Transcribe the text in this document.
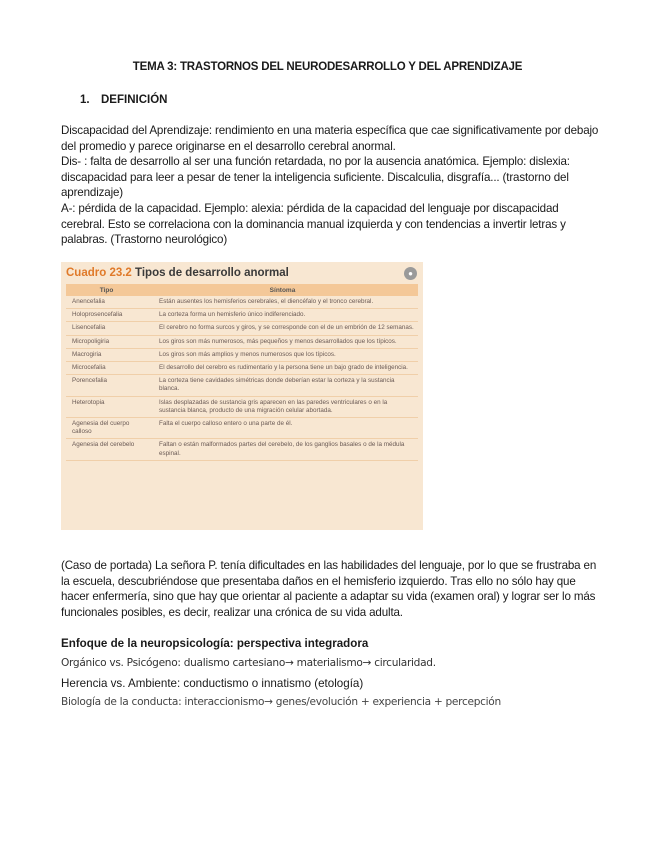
TEMA 3: TRASTORNOS DEL NEURODESARROLLO Y DEL APRENDIZAJE
1. DEFINICIÓN

Discapacidad del Aprendizaje: rendimiento en una materia específica que cae significativamente por debajo del promedio y parece originarse en el desarrollo cerebral anormal.

Dis- : falta de desarrollo al ser una función retardada, no por la ausencia anatómica. Ejemplo: dislexia: discapacidad para leer a pesar de tener la inteligencia suficiente. Discalculia, disgrafía... (trastorno del aprendizaje)

A-: pérdida de la capacidad. Ejemplo: alexia: pérdida de la capacidad del lenguaje por discapacidad cerebral. Esto se correlaciona con la dominancia manual izquierda y con tendencias a invertir letras y palabras. (Trastorno neurológico)

Cuadro 23.2 Tipos de desarrollo anormal	●
Tipo	Síntoma
Anencefalia	Están ausentes los hemisferios cerebrales, el diencéfalo y el tronco cerebral.
Holoprosencefalia	La corteza forma un hemisferio único indiferenciado.
Lisencefalia	El cerebro no forma surcos y giros, y se corresponde con el de un embrión de 12 semanas.
Micropoligiria	Los giros son más numerosos, más pequeños y menos desarrollados que los típicos.
Macrogiria	Los giros son más amplios y menos numerosos que los típicos.
Microcefalia	El desarrollo del cerebro es rudimentario y la persona tiene un bajo grado de inteligencia.
Porencefalia	La corteza tiene cavidades simétricas donde deberían estar la corteza y la sustancia blanca.
Heterotopia	Islas desplazadas de sustancia gris aparecen en las paredes ventriculares o en la sustancia blanca, producto de una migración celular abortada.
Agenesia del cuerpo calloso	Falta el cuerpo calloso entero o una parte de él.
Agenesia del cerebelo	Faltan o están malformados partes del cerebelo, de los ganglios basales o de la médula espinal.

(Caso de portada) La señora P. tenía dificultades en las habilidades del lenguaje, por lo que se frustraba en la escuela, descubriéndose que presentaba daños en el hemisferio izquierdo. Tras ello no sólo hay que hacer enfermería, sino que hay que orientar al paciente a adaptar su vida (examen oral) y lograr ser lo más funcionales posibles, es decir, realizar una crónica de su vida adulta.

Enfoque de la neuropsicología: perspectiva integradora
Orgánico vs. Psicógeno: dualismo cartesiano→ materialismo→ circularidad.
Herencia vs. Ambiente: conductismo o innatismo (etología)
Biología de la conducta: interaccionismo→ genes/evolución + experiencia + percepción
